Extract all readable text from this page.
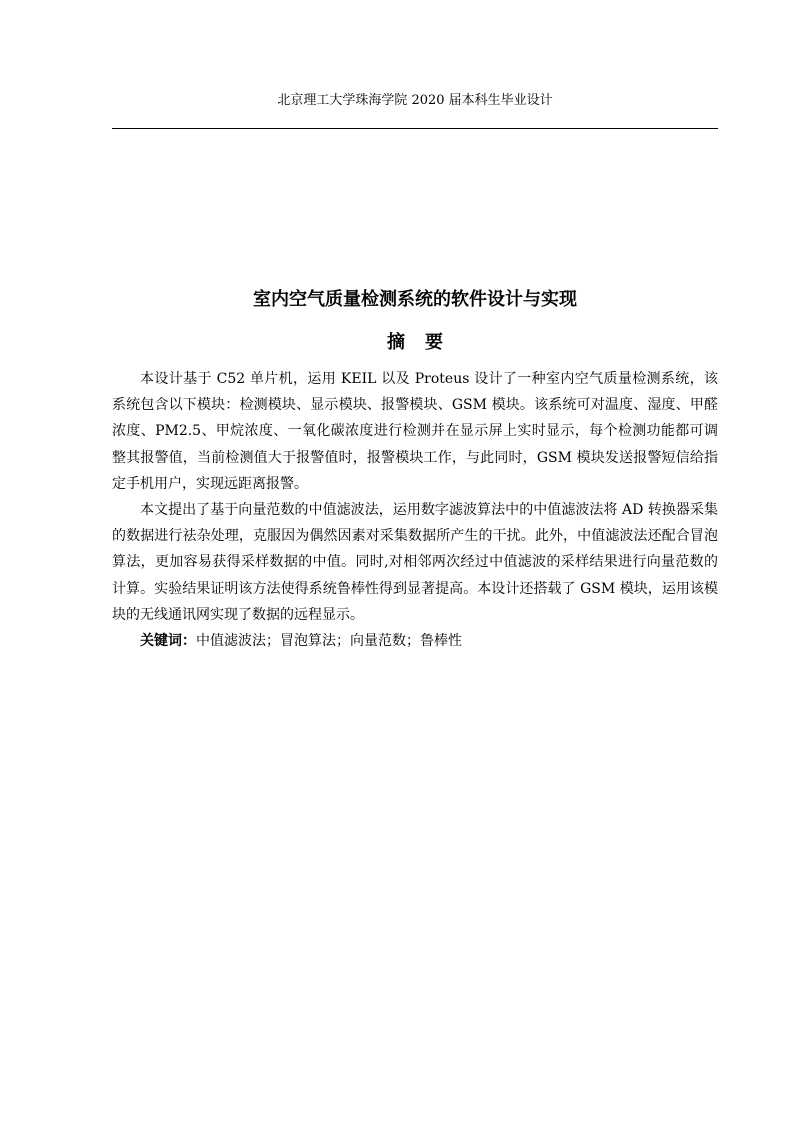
北京理工大学珠海学院 2020 届本科生毕业设计
室内空气质量检测系统的软件设计与实现
摘要

本设计基于 C52 单片机，运用 KEIL 以及 Proteus 设计了一种室内空气质量检测系统，该系统包含以下模块：检测模块、显示模块、报警模块、GSM 模块。该系统可对温度、湿度、甲醛浓度、PM2.5、甲烷浓度、一氧化碳浓度进行检测并在显示屏上实时显示，每个检测功能都可调整其报警值，当前检测值大于报警值时，报警模块工作，与此同时，GSM 模块发送报警短信给指定手机用户，实现远距离报警。

本文提出了基于向量范数的中值滤波法，运用数字滤波算法中的中值滤波法将 AD 转换器采集的数据进行祛杂处理，克服因为偶然因素对采集数据所产生的干扰。此外，中值滤波法还配合冒泡算法，更加容易获得采样数据的中值。同时,对相邻两次经过中值滤波的采样结果进行向量范数的计算。实验结果证明该方法使得系统鲁棒性得到显著提高。本设计还搭载了 GSM 模块，运用该模块的无线通讯网实现了数据的远程显示。

关键词：中值滤波法；冒泡算法；向量范数；鲁棒性
